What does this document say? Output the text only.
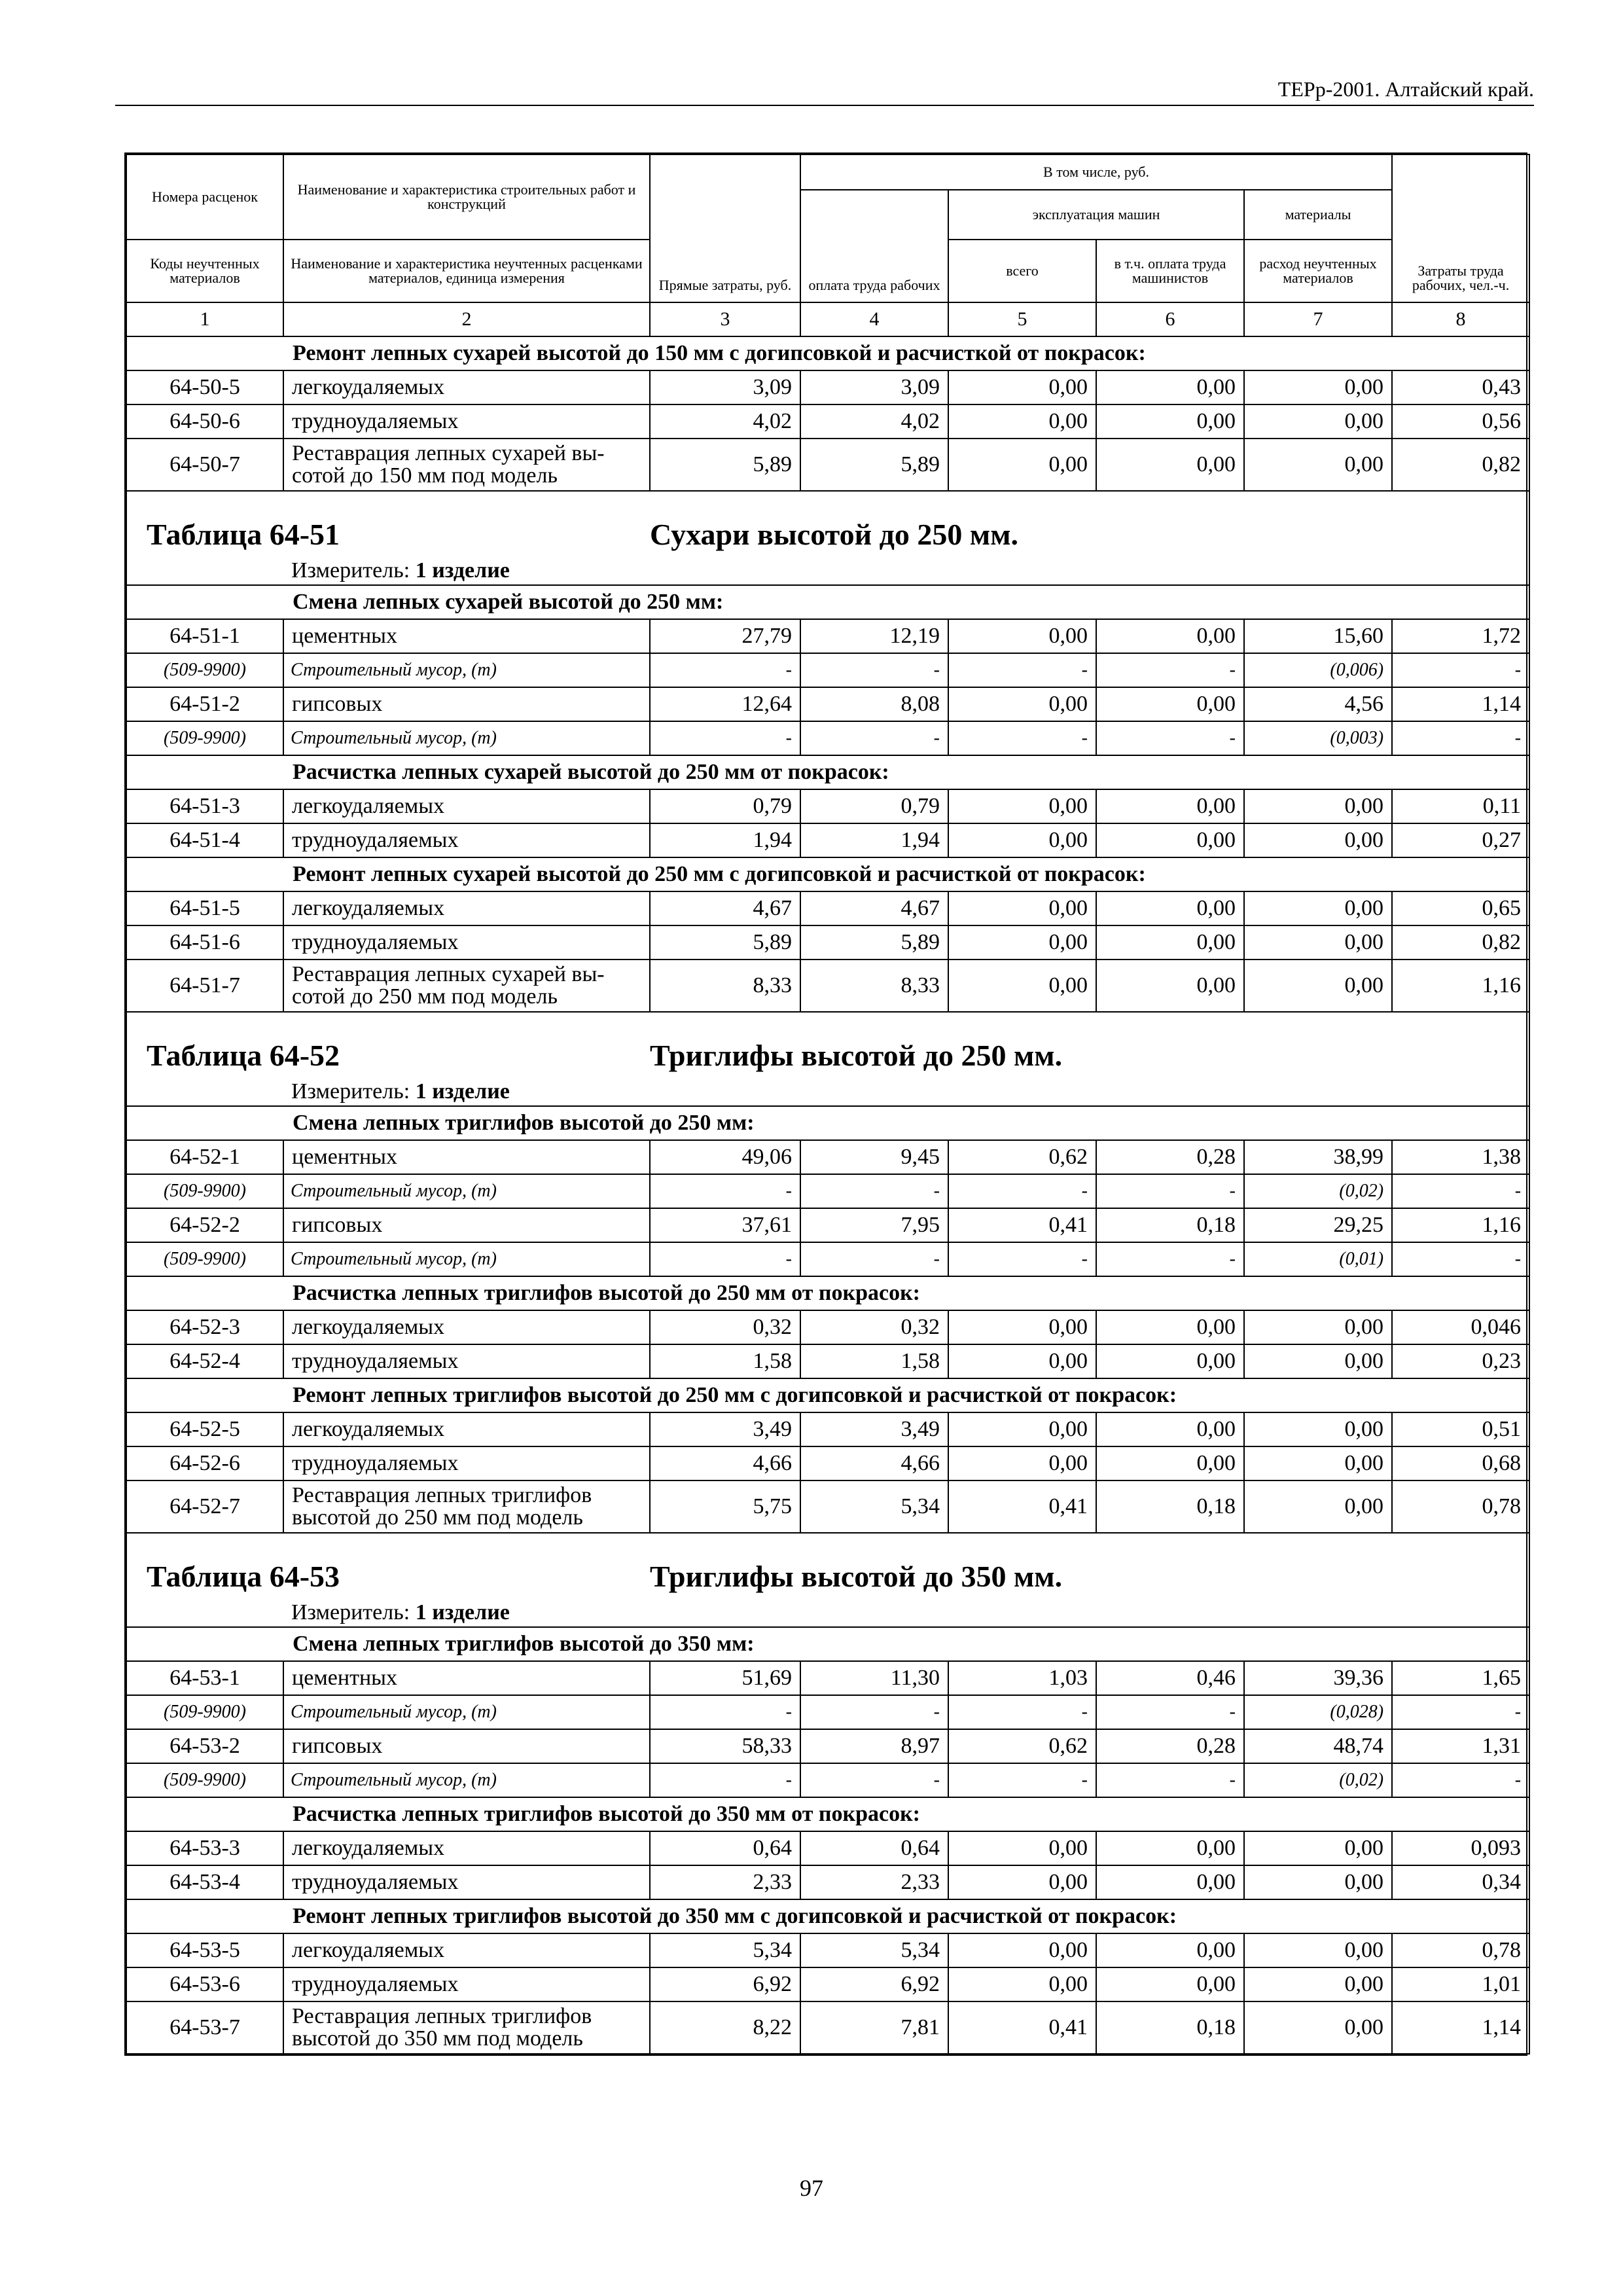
ТЕРр-2001. Алтайский край.
Номера расценок	Наименование и характеристика строительных работ и конструкций	Прямые затраты, руб.	В том числе, руб.				Затраты труда рабочих, чел.-ч.
			оплата труда рабочих	эксплуатация машин		материалы	
Коды неучтенных материалов	Наименование и характеристика неучтенных расценками материалов, единица измерения			всего	в т.ч. оплата труда машинистов	расход неучтенных материалов	
1	2	3	4	5	6	7	8
	Ремонт лепных сухарей высотой до 150 мм с догипсовкой и расчисткой от покрасок:						
64-50-5	легкоудаляемых	3,09	3,09	0,00	0,00	0,00	0,43
64-50-6	трудноудаляемых	4,02	4,02	0,00	0,00	0,00	0,56
64-50-7	Реставрация лепных сухарей вы-сотой до 150 мм под модель	5,89	5,89	0,00	0,00	0,00	0,82
Таблица 64-51		Сухари высотой до 250 мм.					
	Измеритель: 1 изделие						
	Смена лепных сухарей высотой до 250 мм:						
64-51-1	цементных	27,79	12,19	0,00	0,00	15,60	1,72
(509-9900)	Строительный мусор, (т)	-	-	-	-	(0,006)	-
64-51-2	гипсовых	12,64	8,08	0,00	0,00	4,56	1,14
(509-9900)	Строительный мусор, (т)	-	-	-	-	(0,003)	-
	Расчистка лепных сухарей высотой до 250 мм от покрасок:						
64-51-3	легкоудаляемых	0,79	0,79	0,00	0,00	0,00	0,11
64-51-4	трудноудаляемых	1,94	1,94	0,00	0,00	0,00	0,27
	Ремонт лепных сухарей высотой до 250 мм с догипсовкой и расчисткой от покрасок:						
64-51-5	легкоудаляемых	4,67	4,67	0,00	0,00	0,00	0,65
64-51-6	трудноудаляемых	5,89	5,89	0,00	0,00	0,00	0,82
64-51-7	Реставрация лепных сухарей вы-сотой до 250 мм под модель	8,33	8,33	0,00	0,00	0,00	1,16
Таблица 64-52		Триглифы высотой до 250 мм.					
	Измеритель: 1 изделие						
	Смена лепных триглифов высотой до 250 мм:						
64-52-1	цементных	49,06	9,45	0,62	0,28	38,99	1,38
(509-9900)	Строительный мусор, (т)	-	-	-	-	(0,02)	-
64-52-2	гипсовых	37,61	7,95	0,41	0,18	29,25	1,16
(509-9900)	Строительный мусор, (т)	-	-	-	-	(0,01)	-
	Расчистка лепных триглифов высотой до 250 мм от покрасок:						
64-52-3	легкоудаляемых	0,32	0,32	0,00	0,00	0,00	0,046
64-52-4	трудноудаляемых	1,58	1,58	0,00	0,00	0,00	0,23
	Ремонт лепных триглифов высотой до 250 мм с догипсовкой и расчисткой от покрасок:						
64-52-5	легкоудаляемых	3,49	3,49	0,00	0,00	0,00	0,51
64-52-6	трудноудаляемых	4,66	4,66	0,00	0,00	0,00	0,68
64-52-7	Реставрация лепных триглифов высотой до 250 мм под модель	5,75	5,34	0,41	0,18	0,00	0,78
Таблица 64-53		Триглифы высотой до 350 мм.					
	Измеритель: 1 изделие						
	Смена лепных триглифов высотой до 350 мм:						
64-53-1	цементных	51,69	11,30	1,03	0,46	39,36	1,65
(509-9900)	Строительный мусор, (т)	-	-	-	-	(0,028)	-
64-53-2	гипсовых	58,33	8,97	0,62	0,28	48,74	1,31
(509-9900)	Строительный мусор, (т)	-	-	-	-	(0,02)	-
	Расчистка лепных триглифов высотой до 350 мм от покрасок:						
64-53-3	легкоудаляемых	0,64	0,64	0,00	0,00	0,00	0,093
64-53-4	трудноудаляемых	2,33	2,33	0,00	0,00	0,00	0,34
	Ремонт лепных триглифов высотой до 350 мм с догипсовкой и расчисткой от покрасок:						
64-53-5	легкоудаляемых	5,34	5,34	0,00	0,00	0,00	0,78
64-53-6	трудноудаляемых	6,92	6,92	0,00	0,00	0,00	1,01
64-53-7	Реставрация лепных триглифов высотой до 350 мм под модель	8,22	7,81	0,41	0,18	0,00	1,14
97
